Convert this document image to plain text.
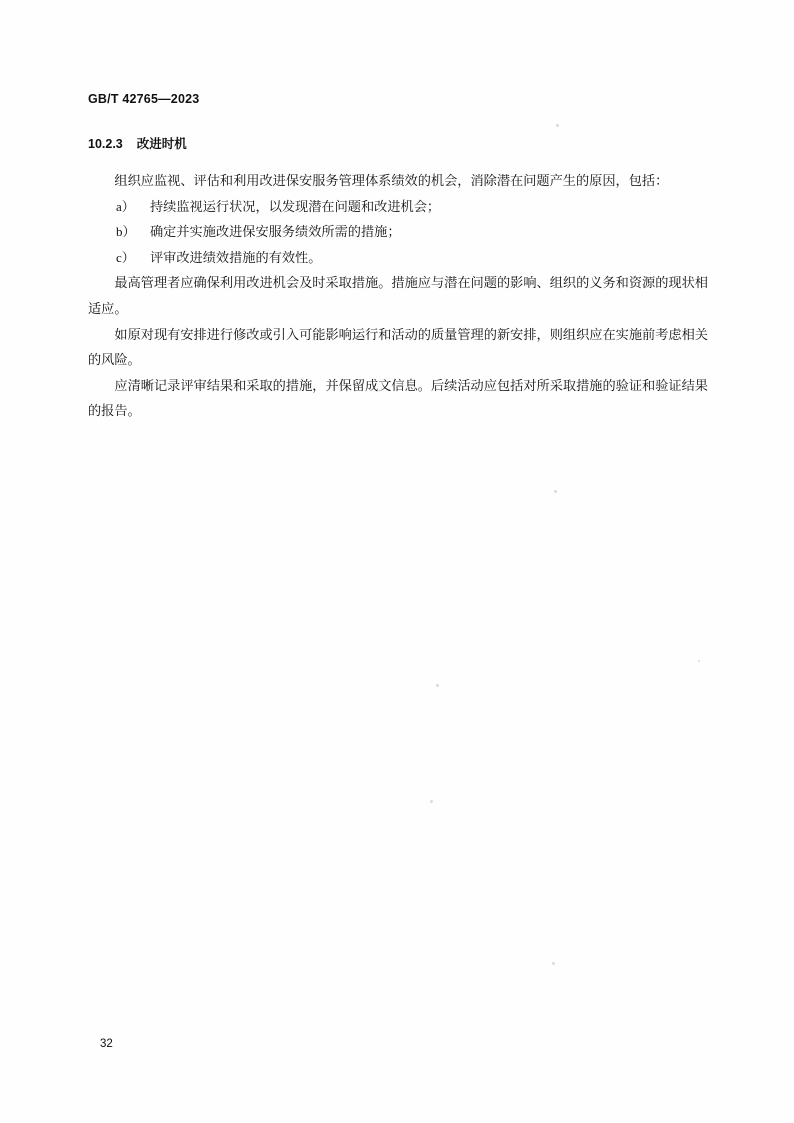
GB/T 42765—2023
10.2.3 改进时机

组织应监视、评估和利用改进保安服务管理体系绩效的机会，消除潜在问题产生的原因，包括：

a） 持续监视运行状况，以发现潜在问题和改进机会；
b） 确定并实施改进保安服务绩效所需的措施；
c） 评审改进绩效措施的有效性。

最高管理者应确保利用改进机会及时采取措施。措施应与潜在问题的影响、组织的义务和资源的现状相适应。

如原对现有安排进行修改或引入可能影响运行和活动的质量管理的新安排，则组织应在实施前考虑相关的风险。

应清晰记录评审结果和采取的措施，并保留成文信息。后续活动应包括对所采取措施的验证和验证结果的报告。

32
